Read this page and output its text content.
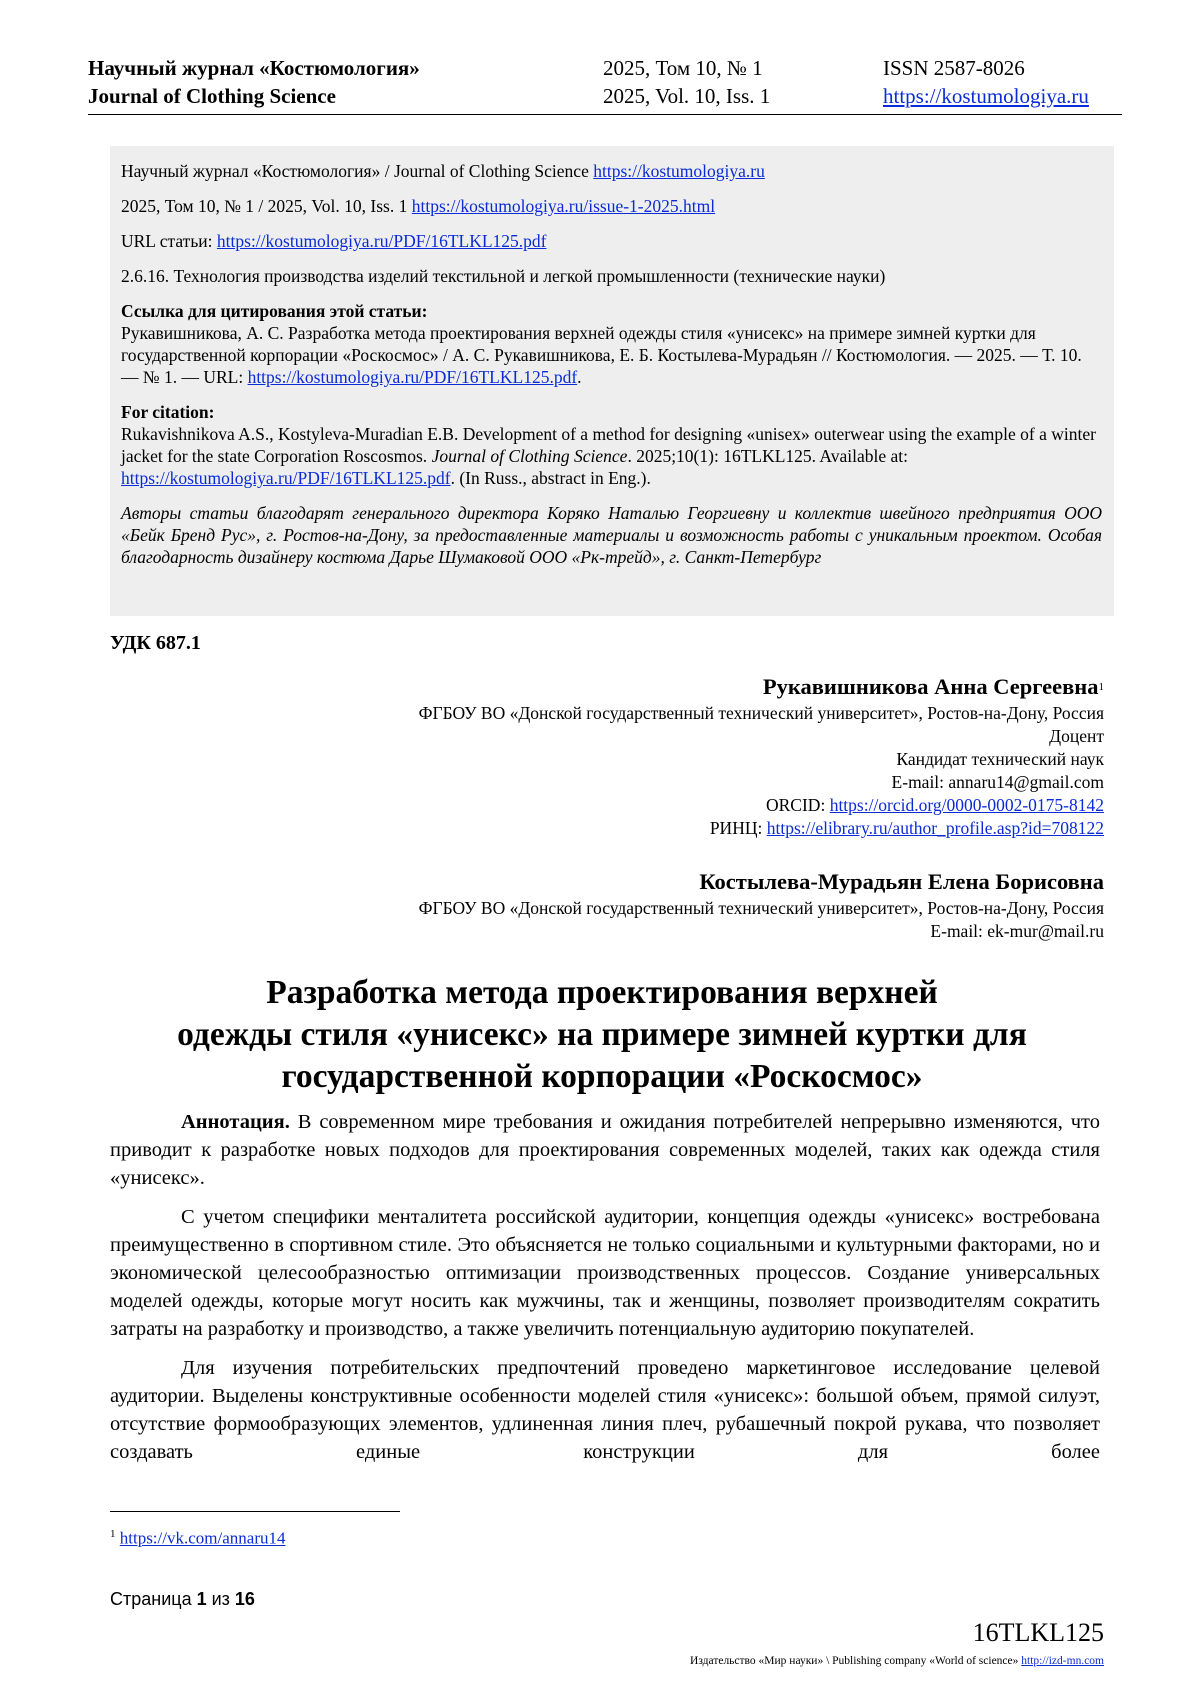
Научный журнал «Костюмология»
Journal of Clothing Science
2025, Том 10, № 1
2025, Vol. 10, Iss. 1
ISSN 2587-8026
https://kostumologiya.ru

Научный журнал «Костюмология» / Journal of Clothing Science https://kostumologiya.ru

2025, Том 10, № 1 / 2025, Vol. 10, Iss. 1 https://kostumologiya.ru/issue-1-2025.html

URL статьи: https://kostumologiya.ru/PDF/16TLKL125.pdf

2.6.16. Технология производства изделий текстильной и легкой промышленности (технические науки)

Ссылка для цитирования этой статьи:
Рукавишникова, А. С. Разработка метода проектирования верхней одежды стиля «унисекс» на примере зимней куртки для государственной корпорации «Роскосмос» / А. С. Рукавишникова, Е. Б. Костылева-Мурадьян // Костюмология. — 2025. — Т. 10. — № 1. — URL: https://kostumologiya.ru/PDF/16TLKL125.pdf.

For citation:
Rukavishnikova A.S., Kostyleva-Muradian E.B. Development of a method for designing «unisex» outerwear using the example of a winter jacket for the state Corporation Roscosmos. Journal of Clothing Science. 2025;10(1): 16TLKL125. Available at: https://kostumologiya.ru/PDF/16TLKL125.pdf. (In Russ., abstract in Eng.).

Авторы статьи благодарят генерального директора Коряко Наталью Георгиевну и коллектив швейного предприятия ООО «Бейк Бренд Рус», г. Ростов-на-Дону, за предоставленные материалы и возможность работы с уникальным проектом. Особая благодарность дизайнеру костюма Дарье Шумаковой ООО «Рк-трейд», г. Санкт-Петербург

УДК 687.1
Рукавишникова Анна Сергеевна$^1$
ФГБОУ ВО «Донской государственный технический университет», Ростов-на-Дону, Россия
Доцент
Кандидат технический наук
E-mail: annaru14@gmail.com
ORCID: https://orcid.org/0000-0002-0175-8142
РИНЦ: https://elibrary.ru/author_profile.asp?id=708122
Костылева-Мурадьян Елена Борисовна
ФГБОУ ВО «Донской государственный технический университет», Ростов-на-Дону, Россия
E-mail: ek-mur@mail.ru
Разработка метода проектирования верхней
одежды стиля «унисекс» на примере зимней куртки для
государственной корпорации «Роскосмос»

Аннотация. В современном мире требования и ожидания потребителей непрерывно изменяются, что приводит к разработке новых подходов для проектирования современных моделей, таких как одежда стиля «унисекс».

С учетом специфики менталитета российской аудитории, концепция одежды «унисекс» востребована преимущественно в спортивном стиле. Это объясняется не только социальными и культурными факторами, но и экономической целесообразностью оптимизации производственных процессов. Создание универсальных моделей одежды, которые могут носить как мужчины, так и женщины, позволяет производителям сократить затраты на разработку и производство, а также увеличить потенциальную аудиторию покупателей.

Для изучения потребительских предпочтений проведено маркетинговое исследование целевой аудитории. Выделены конструктивные особенности моделей стиля «унисекс»: большой объем, прямой силуэт, отсутствие формообразующих элементов, удлиненная линия плеч, рубашечный покрой рукава, что позволяет создавать единые конструкции для более

$^1$ https://vk.com/annaru14
Страница 1 из 16
16TLKL125
Издательство «Мир науки» \ Publishing company «World of science» http://izd-mn.com
